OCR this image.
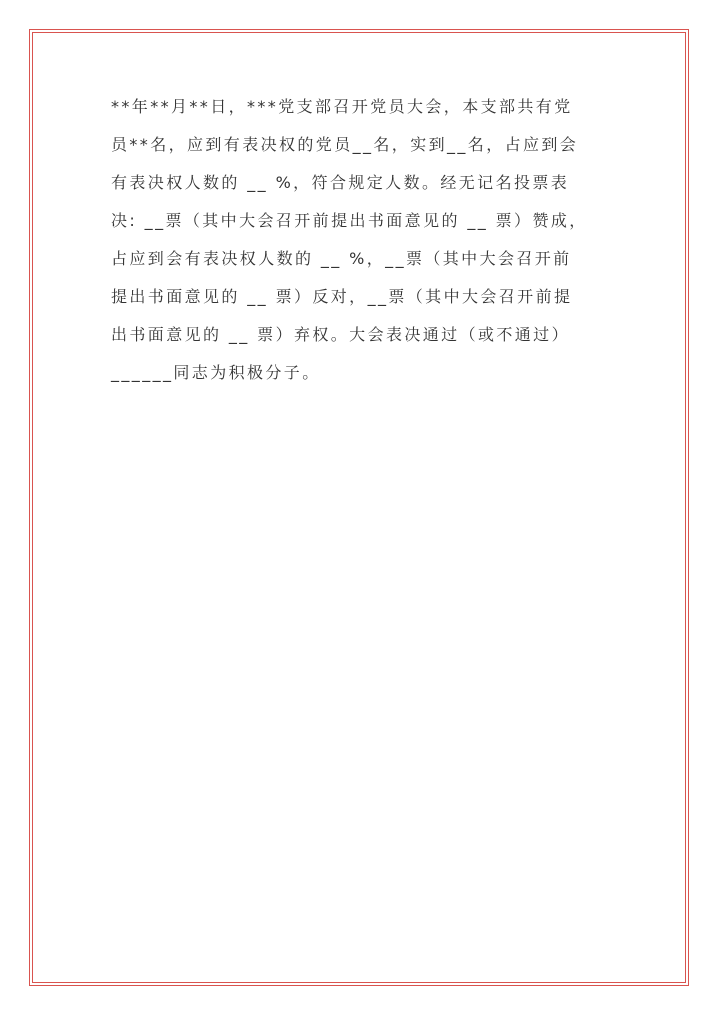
**年**月**日，***党支部召开党员大会，本支部共有党
员**名，应到有表决权的党员__名，实到__名，占应到会
有表决权人数的 __ %，符合规定人数。经无记名投票表
决: __票（其中大会召开前提出书面意见的 __ 票）赞成，
占应到会有表决权人数的 __ %，__票（其中大会召开前
提出书面意见的 __ 票）反对，__票（其中大会召开前提
出书面意见的 __ 票）弃权。大会表决通过（或不通过）
______同志为积极分子。
